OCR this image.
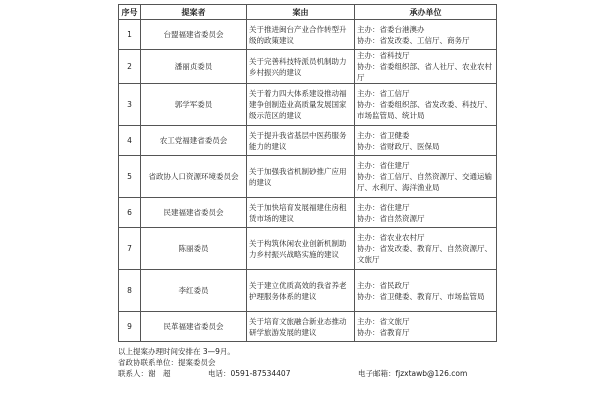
序号	提案者	案由	承办单位
1	台盟福建省委员会	关于推进闽台产业合作转型升级的政策建议	主办：省委台港澳办
协办：省发改委、工信厅、商务厅

2	潘丽贞委员	关于完善科技特派员机制助力乡村振兴的建议	主办：省科技厅
协办：省委组织部、省人社厅、农业农村厅

3	郭学军委员	关于着力四大体系建设推动福建争创制造业高质量发展国家级示范区的建议	主办：省工信厅
协办：省委组织部、省发改委、科技厅、市场监管局、统计局

4	农工党福建省委员会	关于提升我省基层中医药服务能力的建议	主办：省卫健委
协办：省财政厅、医保局

5	省政协人口资源环境委员会	关于加强我省机制砂推广应用的建议	主办：省住建厅
协办：省工信厅、自然资源厅、交通运输厅、水利厅、海洋渔业局

6	民建福建省委员会	关于加快培育发展福建住房租赁市场的建议	主办：省住建厅
协办：省自然资源厅

7	陈丽委员	关于构筑休闲农业创新机制助力乡村振兴战略实施的建议	主办：省农业农村厅
协办：省发改委、教育厅、自然资源厅、文旅厅

8	李红委员	关于建立优质高效的我省养老护理服务体系的建议	主办：省民政厅
协办：省卫健委、教育厅、市场监管局

9	民革福建省委员会	关于培育文旅融合新业态推动研学旅游发展的建议	主办：省文旅厅
协办：省教育厅
以上提案办理时间安排在 3—9月。
省政协联系单位：提案委员会
联系人：谢　超	电话：0591-87534407	电子邮箱：fjzxtawb@126.com
